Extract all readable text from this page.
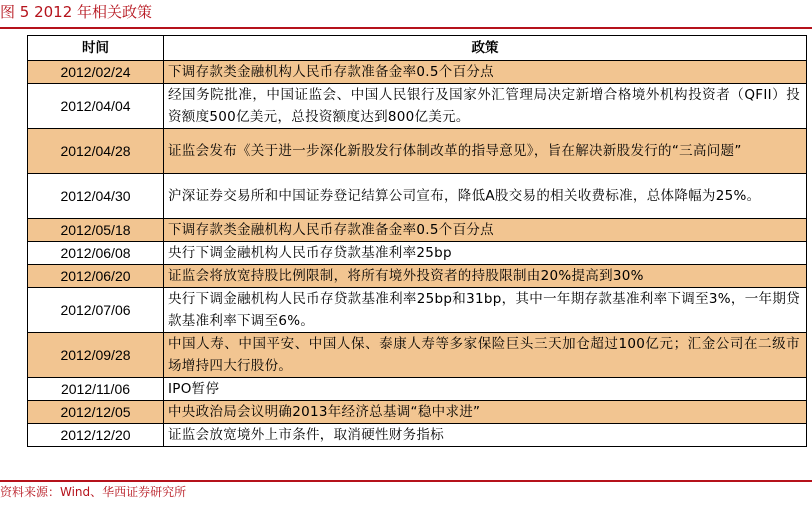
图 5 2012 年相关政策
时间	政策
2012/02/24	下调存款类金融机构人民币存款准备金率0.5个百分点
2012/04/04	经国务院批准，中国证监会、中国人民银行及国家外汇管理局决定新增合格境外机构投资者（QFII）投资额度500亿美元，总投资额度达到800亿美元。
2012/04/28	证监会发布《关于进一步深化新股发行体制改革的指导意见》，旨在解决新股发行的“三高问题”
2012/04/30	沪深证券交易所和中国证券登记结算公司宣布，降低A股交易的相关收费标准，总体降幅为25%。
2012/05/18	下调存款类金融机构人民币存款准备金率0.5个百分点
2012/06/08	央行下调金融机构人民币存贷款基准利率25bp
2012/06/20	证监会将放宽持股比例限制，将所有境外投资者的持股限制由20%提高到30%
2012/07/06	央行下调金融机构人民币存贷款基准利率25bp和31bp，其中一年期存款基准利率下调至3%，一年期贷款基准利率下调至6%。
2012/09/28	中国人寿、中国平安、中国人保、泰康人寿等多家保险巨头三天加仓超过100亿元；汇金公司在二级市场增持四大行股份。
2012/11/06	IPO暂停
2012/12/05	中央政治局会议明确2013年经济总基调“稳中求进”
2012/12/20	证监会放宽境外上市条件，取消硬性财务指标
资料来源：Wind、华西证券研究所
